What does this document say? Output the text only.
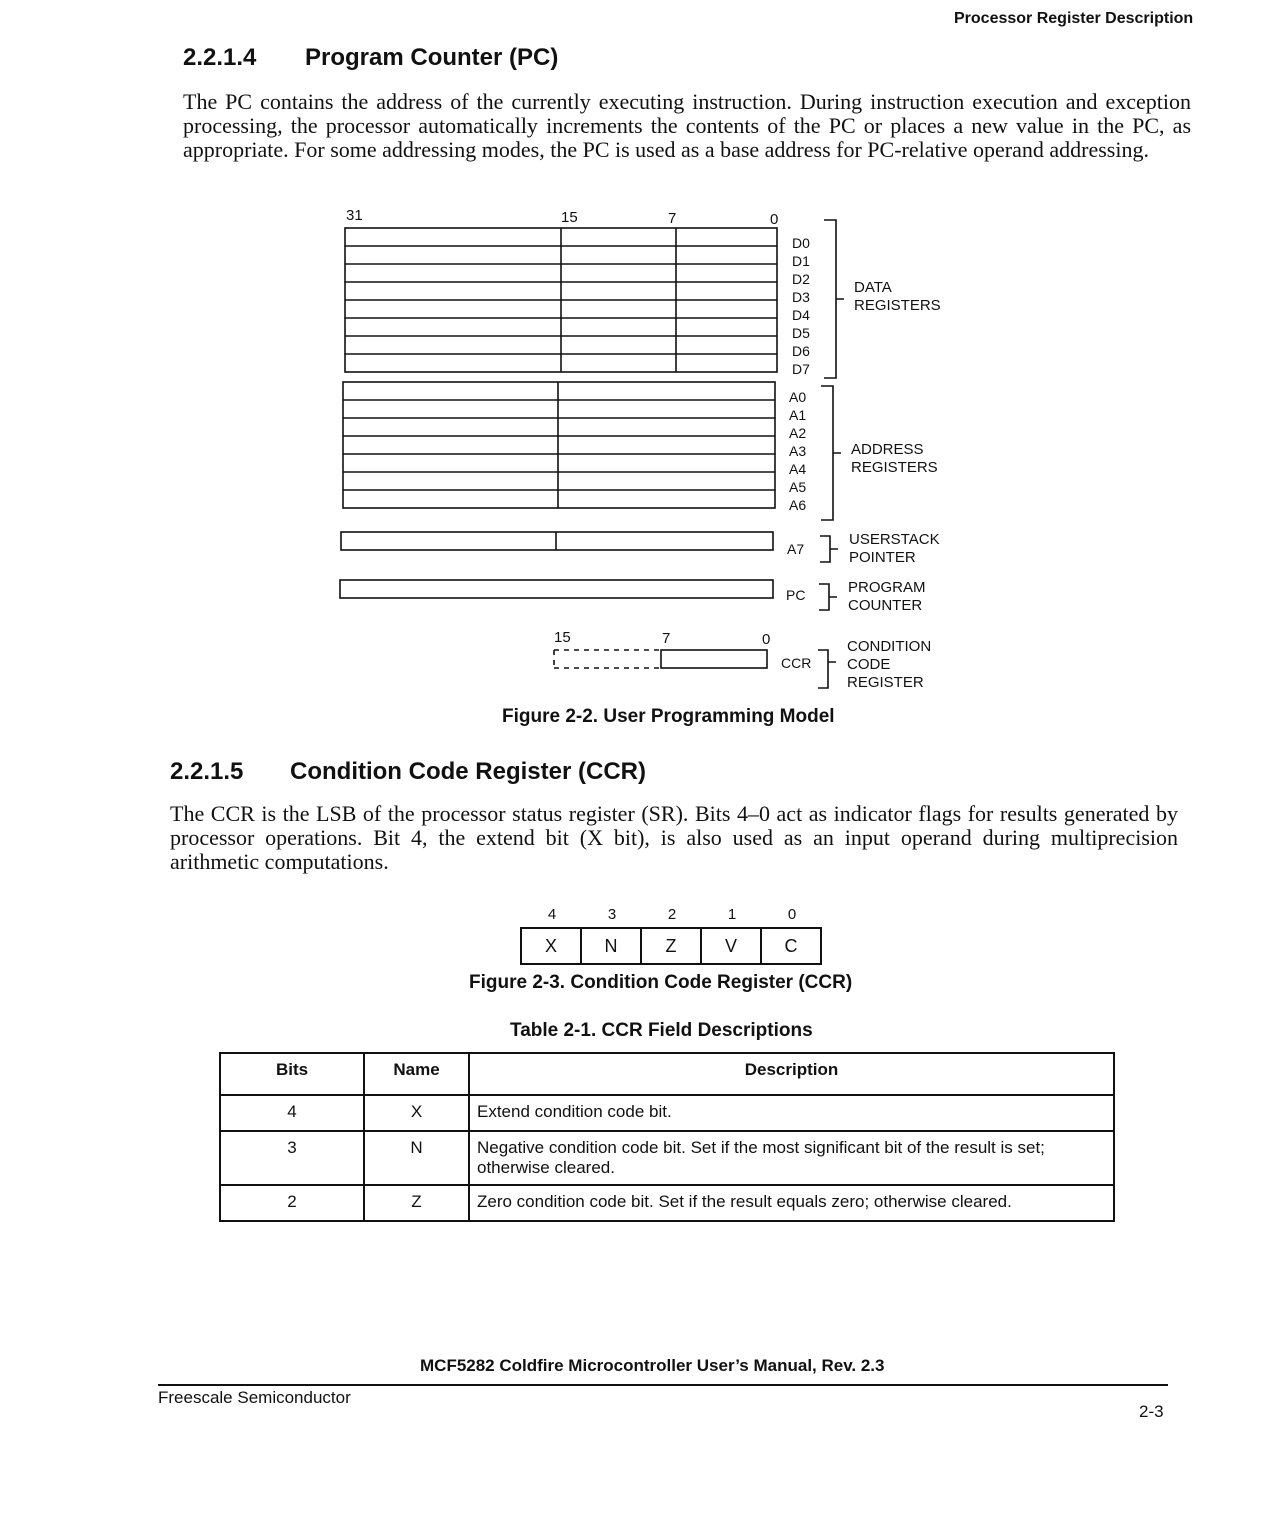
Processor Register Description
2.2.1.4 Program Counter (PC)
The PC contains the address of the currently executing instruction. During instruction execution and exception processing, the processor automatically increments the contents of the PC or places a new value in the PC, as appropriate. For some addressing modes, the PC is used as a base address for PC-relative operand addressing.
31	15	7	0
D0
D1
D2
D3
D4
D5
D6
D7
DATA
REGISTERS
A0
A1
A2
A3
A4
A5
A6
ADDRESS
REGISTERS
A7
USERSTACK
POINTER
PC	PROGRAM
COUNTER
15	7	0
CCR
CONDITION
CODE
REGISTER
Figure 2-2. User Programming Model
2.2.1.5 Condition Code Register (CCR)
The CCR is the LSB of the processor status register (SR). Bits 4–0 act as indicator flags for results generated by processor operations. Bit 4, the extend bit (X bit), is also used as an input operand during multiprecision arithmetic computations.
4	3	2	1	0
X	N	Z	V	C
Figure 2-3. Condition Code Register (CCR)
Table 2-1. CCR Field Descriptions
Bits	Name	Description
4	X	Extend condition code bit.
3	N	Negative condition code bit. Set if the most significant bit of the result is set; otherwise cleared.
2	Z	Zero condition code bit. Set if the result equals zero; otherwise cleared.
MCF5282 Coldfire Microcontroller User’s Manual, Rev. 2.3
Freescale Semiconductor
2-3
